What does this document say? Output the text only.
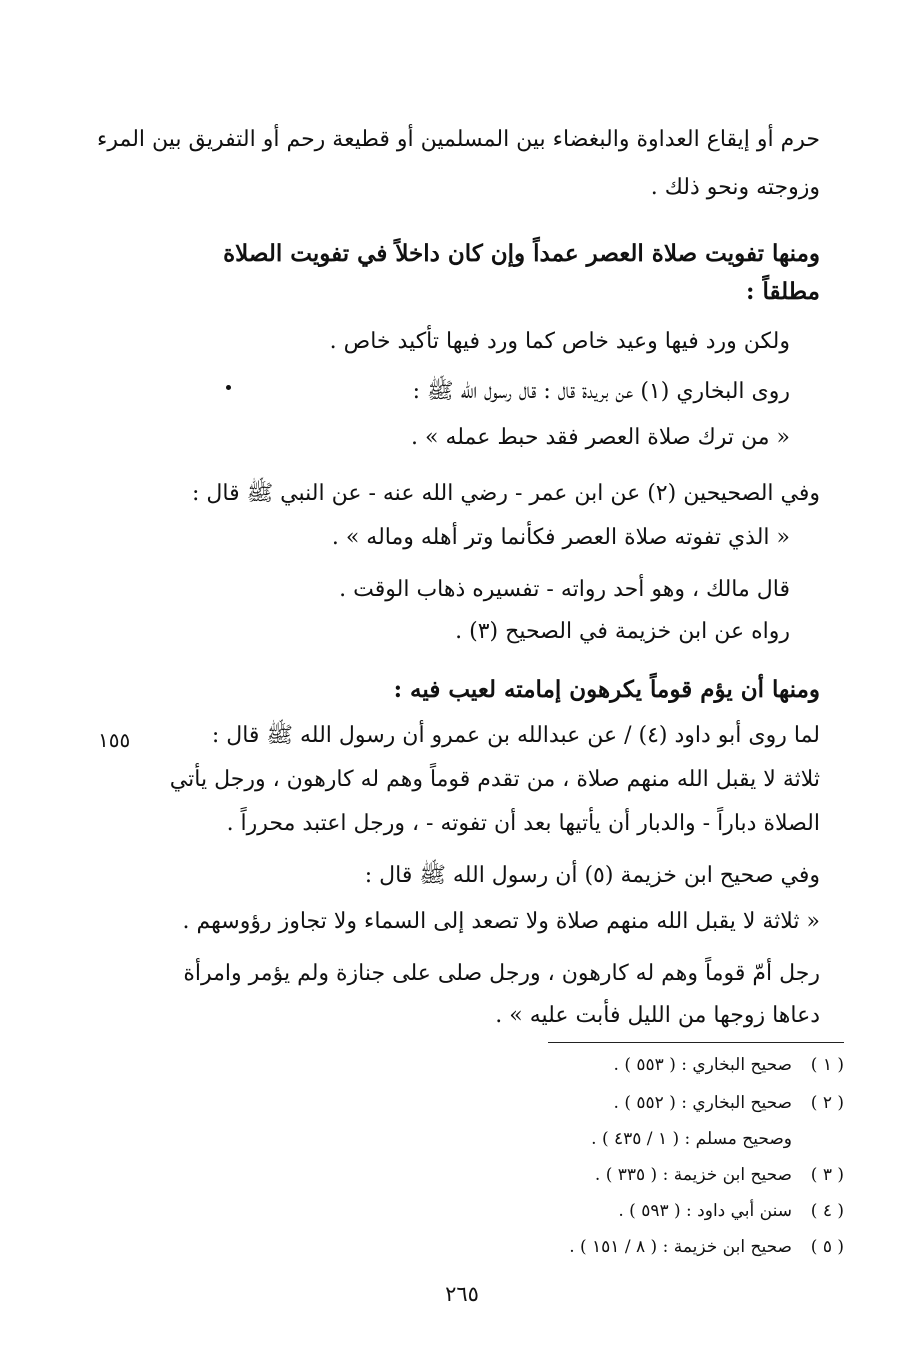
حرم أو إيقاع العداوة والبغضاء بين المسلمين أو قطيعة رحم أو التفريق بين المرء
وزوجته ونحو ذلك .
ومنها تفويت صلاة العصر عمداً وإن كان داخلاً في تفويت الصلاة
مطلقاً :
ولكن ورد فيها وعيد خاص كما ورد فيها تأكيد خاص .
روى البخاري (١) عن بريدة قال : قال رسول الله ﷺ :
« من ترك صلاة العصر فقد حبط عمله » .
وفي الصحيحين (٢) عن ابن عمر - رضي الله عنه - عن النبي ﷺ قال :
« الذي تفوته صلاة العصر فكأنما وتر أهله وماله » .
قال مالك ، وهو أحد رواته - تفسيره ذهاب الوقت .
رواه عن ابن خزيمة في الصحيح (٣) .
ومنها أن يؤم قوماً يكرهون إمامته لعيب فيه :
لما روى أبو داود (٤) / عن عبدالله بن عمرو أن رسول الله ﷺ قال :
١٥٥
ثلاثة لا يقبل الله منهم صلاة ، من تقدم قوماً وهم له كارهون ، ورجل يأتي
الصلاة دباراً - والدبار أن يأتيها بعد أن تفوته - ، ورجل اعتبد محرراً .
وفي صحيح ابن خزيمة (٥) أن رسول الله ﷺ قال :
« ثلاثة لا يقبل الله منهم صلاة ولا تصعد إلى السماء ولا تجاوز رؤوسهم .
رجل أمّ قوماً وهم له كارهون ، ورجل صلى على جنازة ولم يؤمر وامرأة
دعاها زوجها من الليل فأبت عليه » .
( ١ )صحيح البخاري : ( ٥٥٣ ) .
( ٢ )صحيح البخاري : ( ٥٥٢ ) .
وصحيح مسلم : ( ١ / ٤٣٥ ) .
( ٣ )صحيح ابن خزيمة : ( ٣٣٥ ) .
( ٤ )سنن أبي داود : ( ٥٩٣ ) .
( ٥ )صحيح ابن خزيمة : ( ٨ / ١٥١ ) .
٢٦٥
